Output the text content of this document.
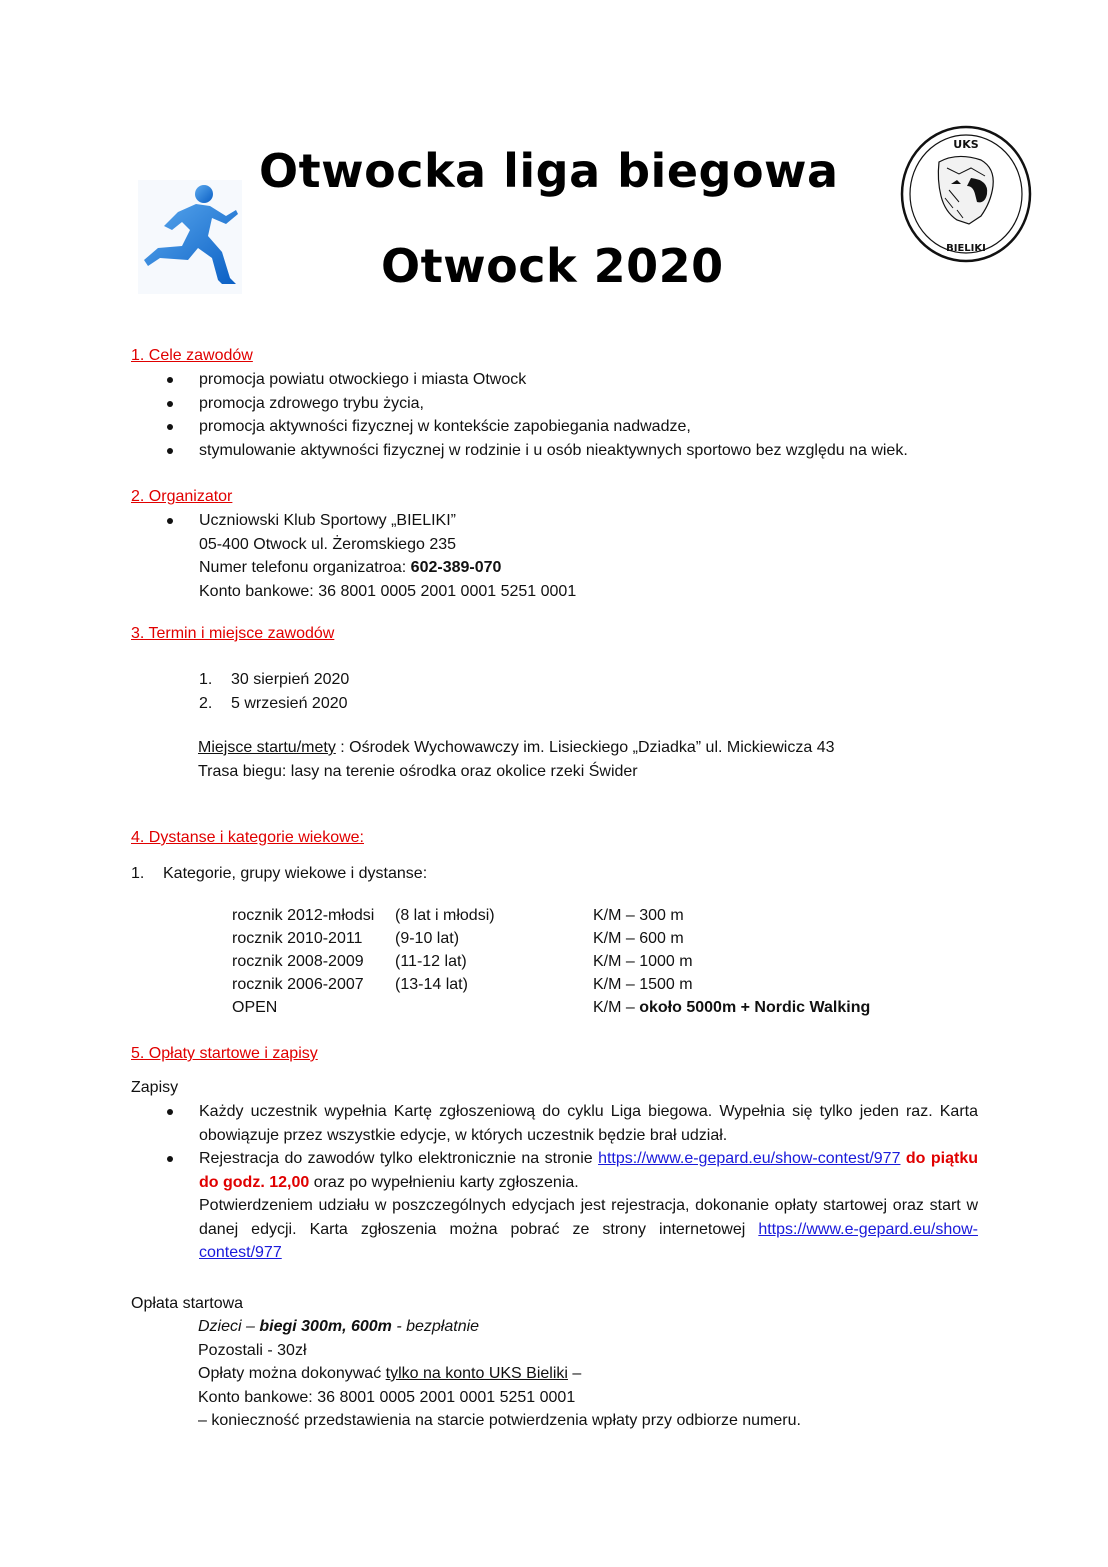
Otwocka liga biegowa
Otwock 2020
UKS
BIELIKI
1. Cele zawodów
promocja powiatu otwockiego i miasta Otwock
promocja zdrowego trybu życia,
promocja aktywności fizycznej w kontekście zapobiegania nadwadze,
stymulowanie aktywności fizycznej w rodzinie i u osób nieaktywnych sportowo bez względu na wiek.
2. Organizator
Uczniowski Klub Sportowy „BIELIKI”
05-400 Otwock ul. Żeromskiego 235
Numer telefonu organizatroa: 602-389-070
Konto bankowe: 36 8001 0005 2001 0001 5251 0001
3. Termin i miejsce zawodów
1. 30 sierpień 2020
2. 5 wrzesień 2020
Miejsce startu/mety : Ośrodek Wychowawczy im. Lisieckiego „Dziadka” ul. Mickiewicza 43
Trasa biegu: lasy na terenie ośrodka oraz okolice rzeki Świder
4. Dystanse i kategorie wiekowe:
1. Kategorie, grupy wiekowe i dystanse:
rocznik 2012-młodsi	(8 lat i młodsi)	K/M – 300 m
rocznik 2010-2011	(9-10 lat)	K/M – 600 m
rocznik 2008-2009	(11-12 lat)	K/M – 1000 m
rocznik 2006-2007	(13-14 lat)	K/M – 1500 m
OPEN		K/M – około 5000m + Nordic Walking
5. Opłaty startowe i zapisy
Zapisy
Każdy uczestnik wypełnia Kartę zgłoszeniową do cyklu Liga biegowa. Wypełnia się tylko jeden raz. Karta obowiązuje przez wszystkie edycje, w których uczestnik będzie brał udział.
Rejestracja do zawodów tylko elektronicznie na stronie https://www.e-gepard.eu/show-contest/977 do piątku do godz. 12,00 oraz po wypełnieniu karty zgłoszenia.
Potwierdzeniem udziału w poszczególnych edycjach jest rejestracja, dokonanie opłaty startowej oraz start w danej edycji. Karta zgłoszenia można pobrać ze strony internetowej https://www.e-gepard.eu/show-contest/977
Opłata startowa
Dzieci – biegi 300m, 600m - bezpłatnie
Pozostali - 30zł
Opłaty można dokonywać tylko na konto UKS Bieliki –
Konto bankowe: 36 8001 0005 2001 0001 5251 0001
– konieczność przedstawienia na starcie potwierdzenia wpłaty przy odbiorze numeru.
